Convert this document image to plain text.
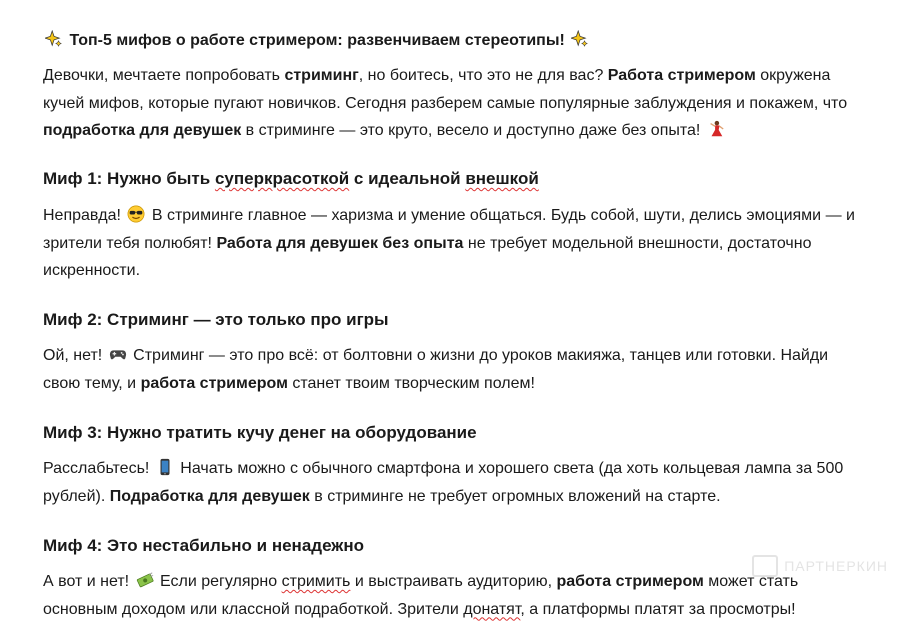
Топ-5 мифов о работе стримером: развенчиваем стереотипы!
Девочки, мечтаете попробовать стриминг, но боитесь, что это не для вас? Работа стримером окружена кучей мифов, которые пугают новичков. Сегодня разберем самые популярные заблуждения и покажем, что подработка для девушек в стриминге — это круто, весело и доступно даже без опыта!
Миф 1: Нужно быть суперкрасоткой с идеальной внешкой
Неправда!  В стриминге главное — харизма и умение общаться. Будь собой, шути, делись эмоциями — и зрители тебя полюбят! Работа для девушек без опыта не требует модельной внешности, достаточно искренности.
Миф 2: Стриминг — это только про игры
Ой, нет!  Стриминг — это про всё: от болтовни о жизни до уроков макияжа, танцев или готовки. Найди свою тему, и работа стримером станет твоим творческим полем!
Миф 3: Нужно тратить кучу денег на оборудование
Расслабьтесь!  Начать можно с обычного смартфона и хорошего света (да хоть кольцевая лампа за 500 рублей). Подработка для девушек в стриминге не требует огромных вложений на старте.
Миф 4: Это нестабильно и ненадежно
А вот и нет!  Если регулярно стримить и выстраивать аудиторию, работа стримером может стать основным доходом или классной подработкой. Зрители донатят, а платформы платят за просмотры!
ПАРТНЕРКИН
